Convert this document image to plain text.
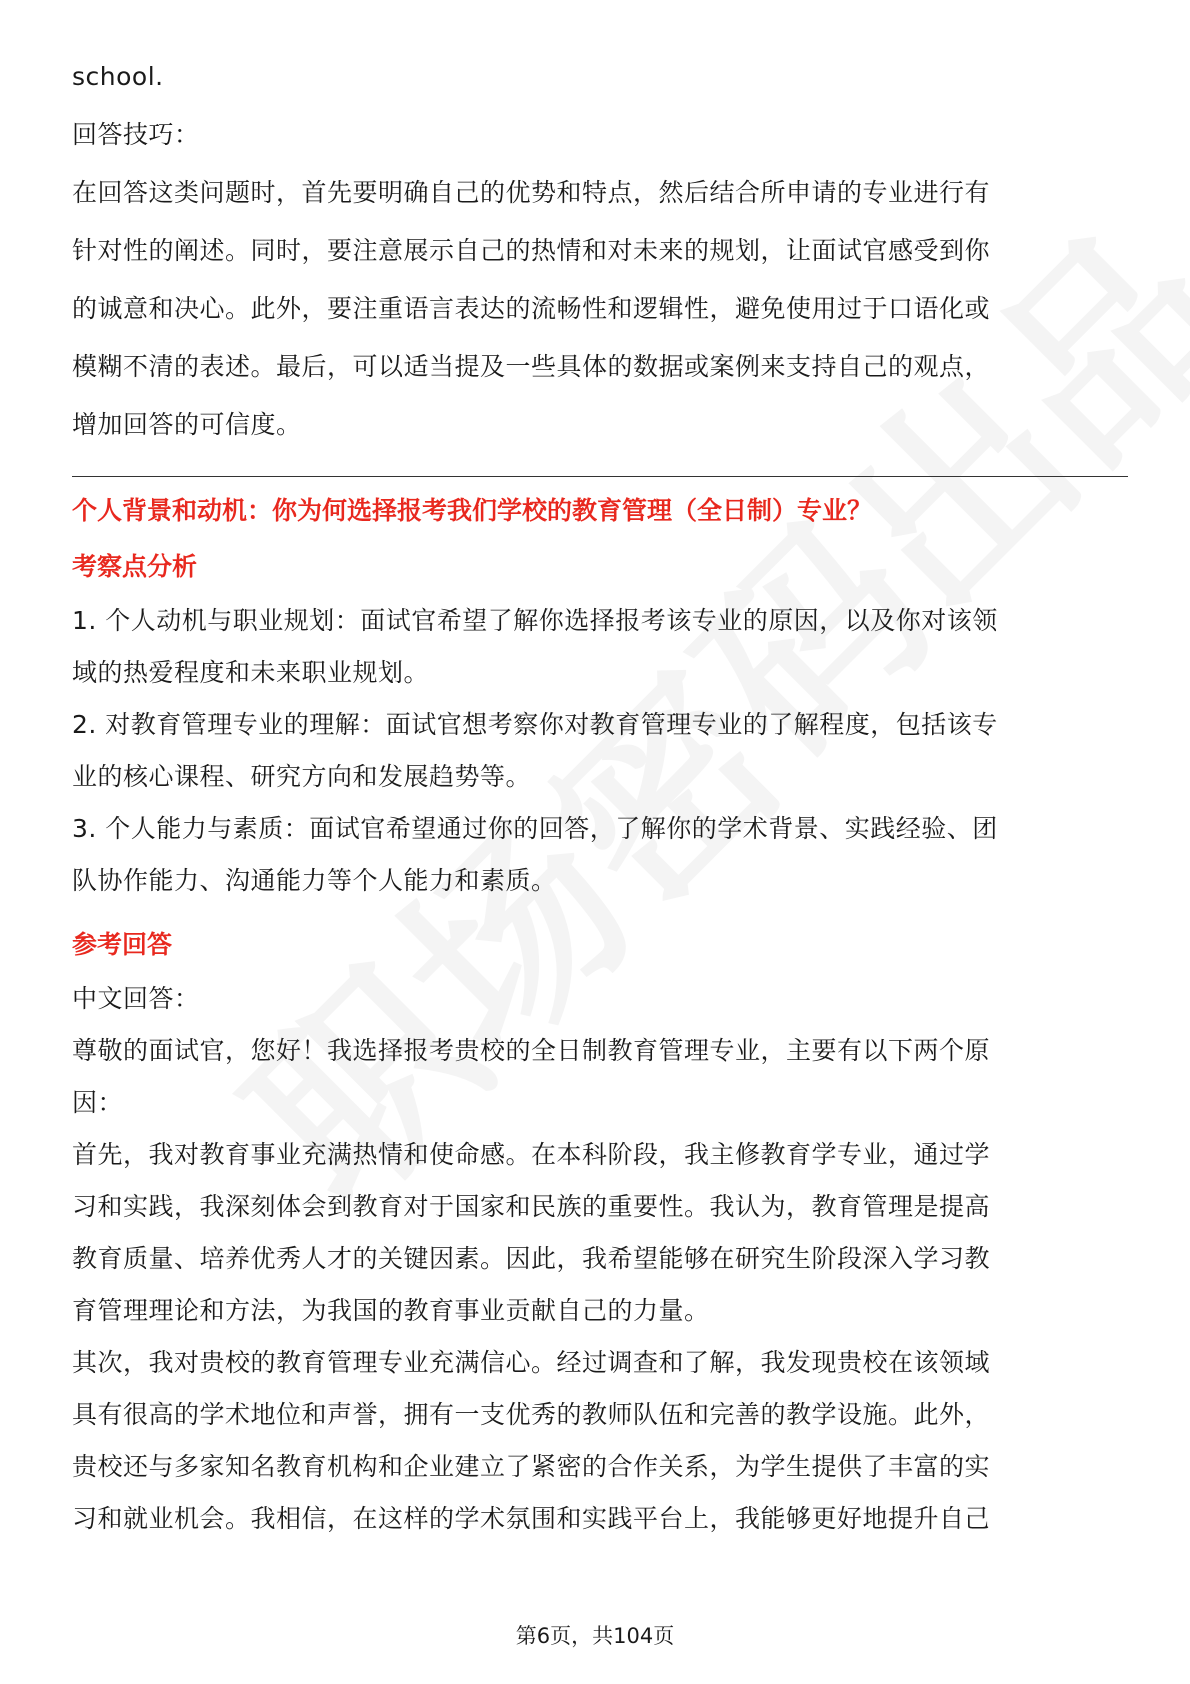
school.

回答技巧：

在回答这类问题时，首先要明确自己的优势和特点，然后结合所申请的专业进行有

针对性的阐述。同时，要注意展示自己的热情和对未来的规划，让面试官感受到你

的诚意和决心。此外，要注重语言表达的流畅性和逻辑性，避免使用过于口语化或

模糊不清的表述。最后，可以适当提及一些具体的数据或案例来支持自己的观点，

增加回答的可信度。

个人背景和动机：你为何选择报考我们学校的教育管理（全日制）专业？

考察点分析

1. 个人动机与职业规划：面试官希望了解你选择报考该专业的原因，以及你对该领

域的热爱程度和未来职业规划。

2. 对教育管理专业的理解：面试官想考察你对教育管理专业的了解程度，包括该专

业的核心课程、研究方向和发展趋势等。

3. 个人能力与素质：面试官希望通过你的回答，了解你的学术背景、实践经验、团

队协作能力、沟通能力等个人能力和素质。

参考回答

中文回答：

尊敬的面试官，您好！我选择报考贵校的全日制教育管理专业，主要有以下两个原

因：

首先，我对教育事业充满热情和使命感。在本科阶段，我主修教育学专业，通过学

习和实践，我深刻体会到教育对于国家和民族的重要性。我认为，教育管理是提高

教育质量、培养优秀人才的关键因素。因此，我希望能够在研究生阶段深入学习教

育管理理论和方法，为我国的教育事业贡献自己的力量。

其次，我对贵校的教育管理专业充满信心。经过调查和了解，我发现贵校在该领域

具有很高的学术地位和声誉，拥有一支优秀的教师队伍和完善的教学设施。此外，

贵校还与多家知名教育机构和企业建立了紧密的合作关系，为学生提供了丰富的实

习和就业机会。我相信，在这样的学术氛围和实践平台上，我能够更好地提升自己

第6页，共104页
